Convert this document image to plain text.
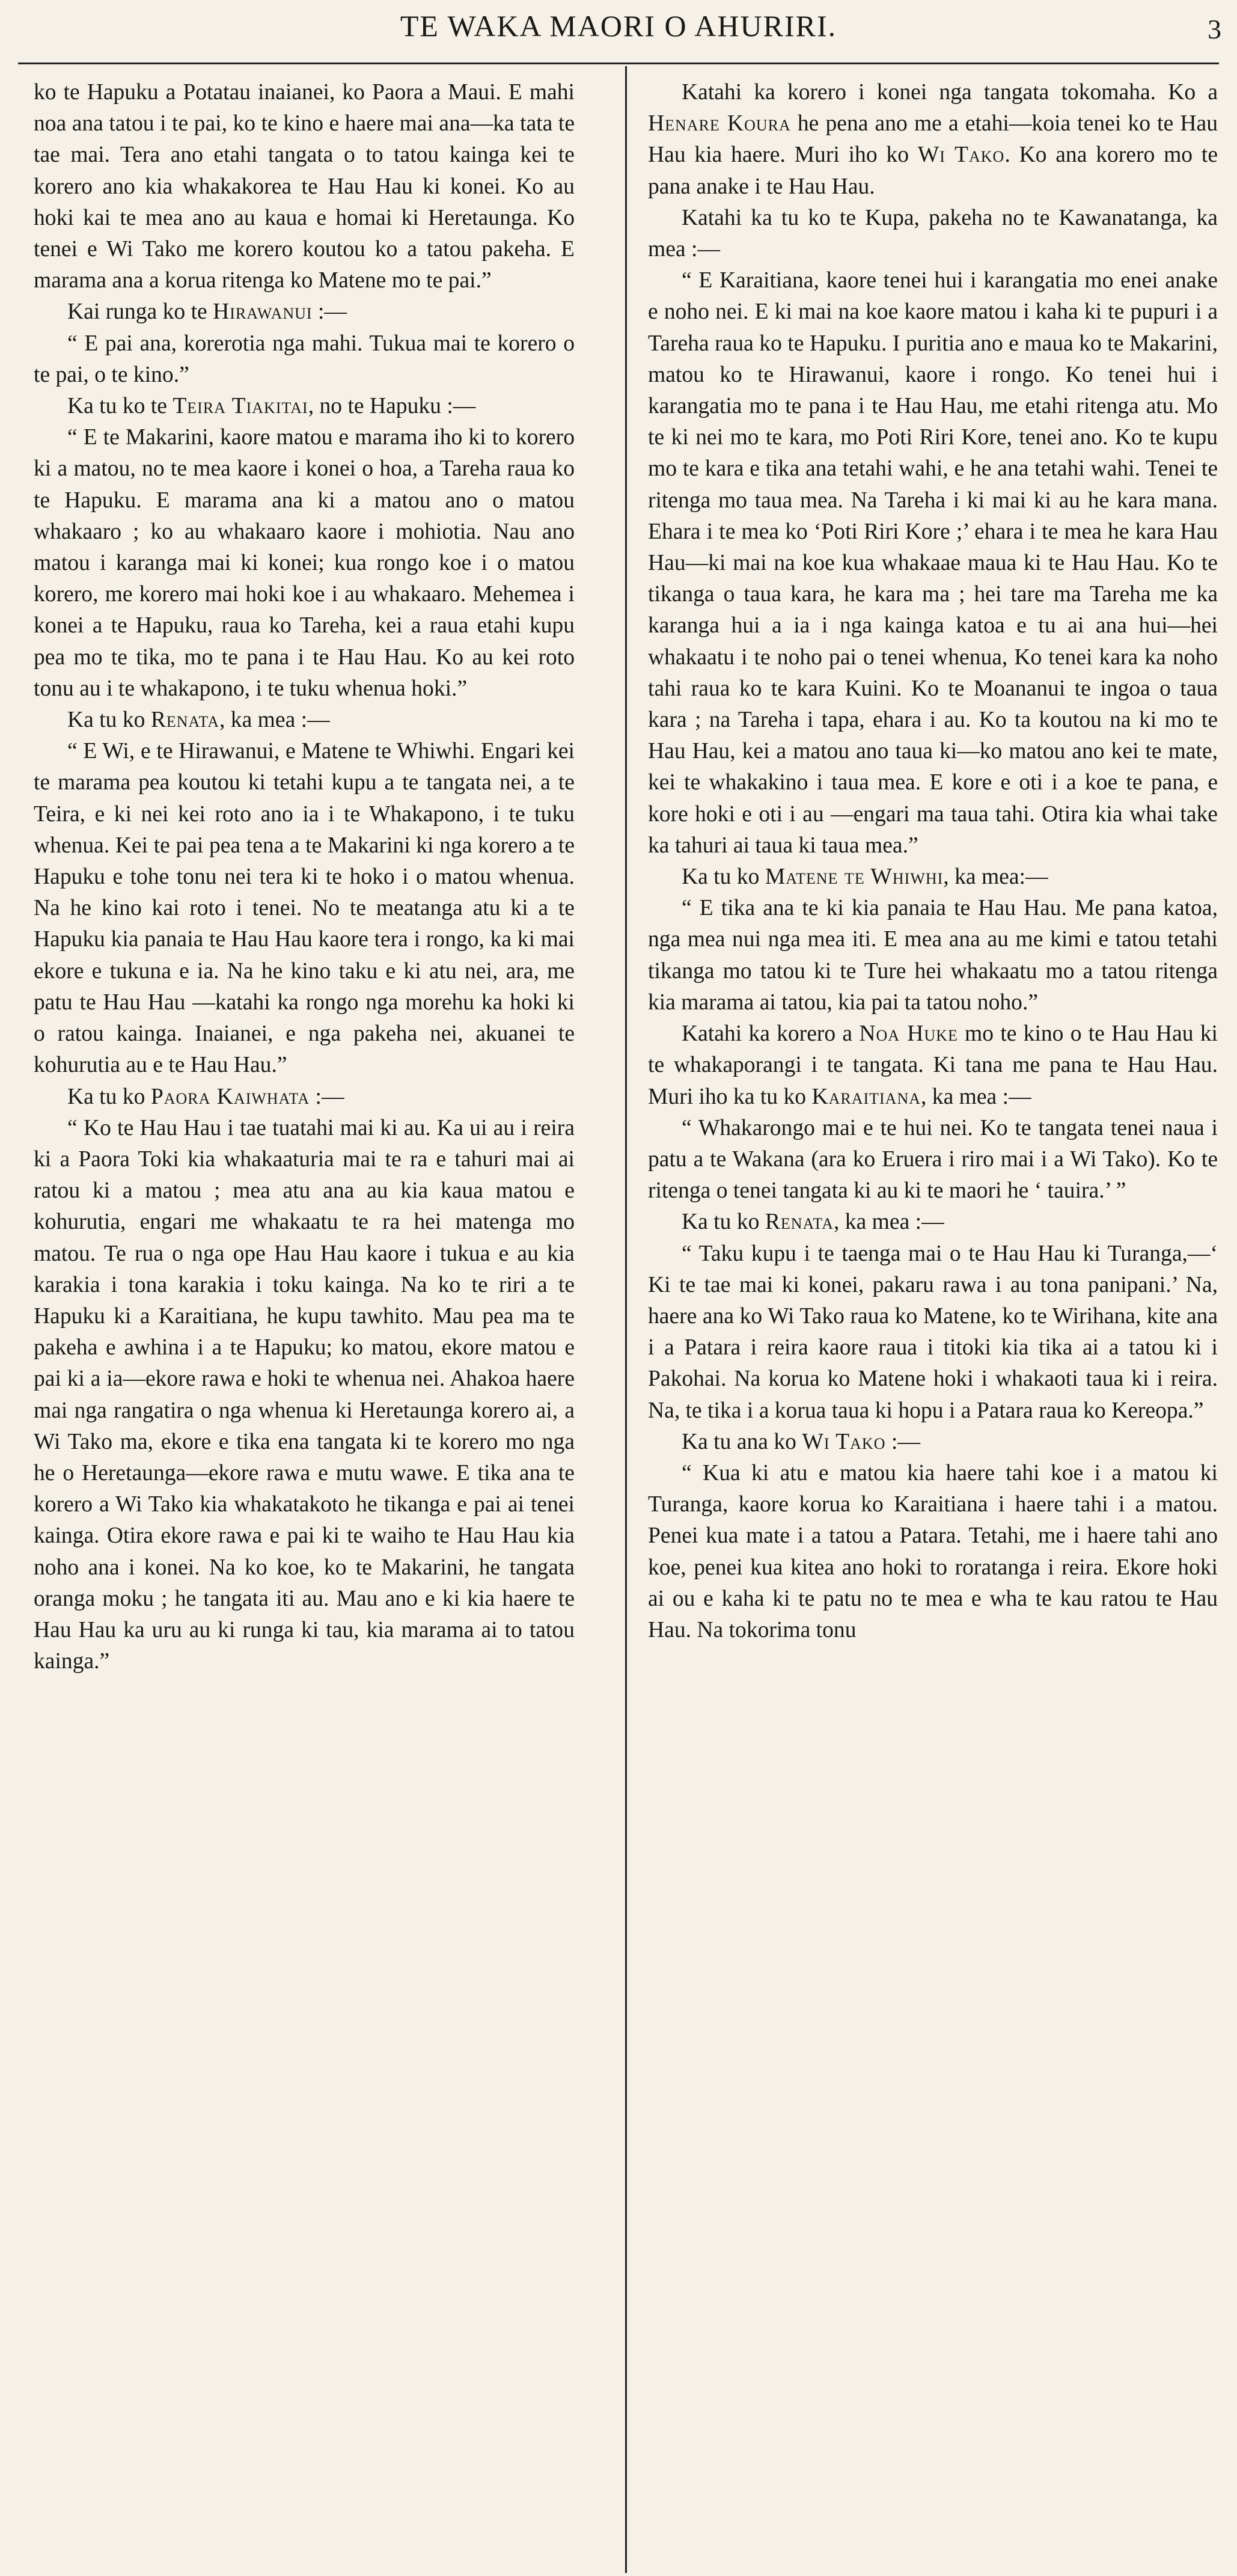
TE WAKA MAORI O AHURIRI.	3

ko te Hapuku a Potatau inaianei, ko Paora a Maui. E mahi noa ana tatou i te pai, ko te kino e haere mai ana—ka tata te tae mai. Tera ano etahi tangata o to tatou kainga kei te korero ano kia whakakorea te Hau Hau ki konei. Ko au hoki kai te mea ano au kaua e homai ki Heretaunga. Ko tenei e Wi Tako me korero koutou ko a tatou pakeha. E marama ana a korua ritenga ko Matene mo te pai.”

Kai runga ko te Hirawanui :—

“ E pai ana, korerotia nga mahi. Tukua mai te korero o te pai, o te kino.”

Ka tu ko te Teira Tiakitai, no te Hapuku :—

“ E te Makarini, kaore matou e marama iho ki to korero ki a matou, no te mea kaore i konei o hoa, a Tareha raua ko te Hapuku. E marama ana ki a matou ano o matou whakaaro ; ko au whakaaro kaore i mohiotia. Nau ano matou i karanga mai ki konei; kua rongo koe i o matou korero, me korero mai hoki koe i au whakaaro. Mehemea i konei a te Hapuku, raua ko Tareha, kei a raua etahi kupu pea mo te tika, mo te pana i te Hau Hau. Ko au kei roto tonu au i te whakapono, i te tuku whenua hoki.”

Ka tu ko Renata, ka mea :—

“ E Wi, e te Hirawanui, e Matene te Whiwhi. Engari kei te marama pea koutou ki tetahi kupu a te tangata nei, a te Teira, e ki nei kei roto ano ia i te Whakapono, i te tuku whenua. Kei te pai pea tena a te Makarini ki nga korero a te Hapuku e tohe tonu nei tera ki te hoko i o matou whenua. Na he kino kai roto i tenei. No te meatanga atu ki a te Hapuku kia panaia te Hau Hau kaore tera i rongo, ka ki mai ekore e tukuna e ia. Na he kino taku e ki atu nei, ara, me patu te Hau Hau —katahi ka rongo nga morehu ka hoki ki o ratou kainga. Inaianei, e nga pakeha nei, akuanei te kohurutia au e te Hau Hau.”

Ka tu ko Paora Kaiwhata :—

“ Ko te Hau Hau i tae tuatahi mai ki au. Ka ui au i reira ki a Paora Toki kia whakaaturia mai te ra e tahuri mai ai ratou ki a matou ; mea atu ana au kia kaua matou e kohurutia, engari me whakaatu te ra hei matenga mo matou. Te rua o nga ope Hau Hau kaore i tukua e au kia karakia i tona karakia i toku kainga. Na ko te riri a te Hapuku ki a Karaitiana, he kupu tawhito. Mau pea ma te pakeha e awhina i a te Hapuku; ko matou, ekore matou e pai ki a ia—ekore rawa e hoki te whenua nei. Ahakoa haere mai nga rangatira o nga whenua ki Heretaunga korero ai, a Wi Tako ma, ekore e tika ena tangata ki te korero mo nga he o Heretaunga—ekore rawa e mutu wawe. E tika ana te korero a Wi Tako kia whakatakoto he tikanga e pai ai tenei kainga. Otira ekore rawa e pai ki te waiho te Hau Hau kia noho ana i konei. Na ko koe, ko te Makarini, he tangata oranga moku ; he tangata iti au. Mau ano e ki kia haere te Hau Hau ka uru au ki runga ki tau, kia marama ai to tatou kainga.”

Katahi ka korero i konei nga tangata tokomaha. Ko a Henare Koura he pena ano me a etahi—koia tenei ko te Hau Hau kia haere. Muri iho ko Wi Tako. Ko ana korero mo te pana anake i te Hau Hau.

Katahi ka tu ko te Kupa, pakeha no te Kawanatanga, ka mea :—

“ E Karaitiana, kaore tenei hui i karangatia mo enei anake e noho nei. E ki mai na koe kaore matou i kaha ki te pupuri i a Tareha raua ko te Hapuku. I puritia ano e maua ko te Makarini, matou ko te Hirawanui, kaore i rongo. Ko tenei hui i karangatia mo te pana i te Hau Hau, me etahi ritenga atu. Mo te ki nei mo te kara, mo Poti Riri Kore, tenei ano. Ko te kupu mo te kara e tika ana tetahi wahi, e he ana tetahi wahi. Tenei te ritenga mo taua mea. Na Tareha i ki mai ki au he kara mana. Ehara i te mea ko ‘Poti Riri Kore ;’ ehara i te mea he kara Hau Hau—ki mai na koe kua whakaae maua ki te Hau Hau. Ko te tikanga o taua kara, he kara ma ; hei tare ma Tareha me ka karanga hui a ia i nga kainga katoa e tu ai ana hui—hei whakaatu i te noho pai o tenei whenua, Ko tenei kara ka noho tahi raua ko te kara Kuini. Ko te Moananui te ingoa o taua kara ; na Tareha i tapa, ehara i au. Ko ta koutou na ki mo te Hau Hau, kei a matou ano taua ki—ko matou ano kei te mate, kei te whakakino i taua mea. E kore e oti i a koe te pana, e kore hoki e oti i au —engari ma taua tahi. Otira kia whai take ka tahuri ai taua ki taua mea.”

Ka tu ko Matene te Whiwhi, ka mea:—

“ E tika ana te ki kia panaia te Hau Hau. Me pana katoa, nga mea nui nga mea iti. E mea ana au me kimi e tatou tetahi tikanga mo tatou ki te Ture hei whakaatu mo a tatou ritenga kia marama ai tatou, kia pai ta tatou noho.”

Katahi ka korero a Noa Huke mo te kino o te Hau Hau ki te whakaporangi i te tangata. Ki tana me pana te Hau Hau. Muri iho ka tu ko Karaitiana, ka mea :—

“ Whakarongo mai e te hui nei. Ko te tangata tenei naua i patu a te Wakana (ara ko Eruera i riro mai i a Wi Tako). Ko te ritenga o tenei tangata ki au ki te maori he ‘ tauira.’ ”

Ka tu ko Renata, ka mea :—

“ Taku kupu i te taenga mai o te Hau Hau ki Turanga,—‘ Ki te tae mai ki konei, pakaru rawa i au tona panipani.’ Na, haere ana ko Wi Tako raua ko Matene, ko te Wirihana, kite ana i a Patara i reira kaore raua i titoki kia tika ai a tatou ki i Pakohai. Na korua ko Matene hoki i whakaoti taua ki i reira. Na, te tika i a korua taua ki hopu i a Patara raua ko Kereopa.”

Ka tu ana ko Wi Tako :—

“ Kua ki atu e matou kia haere tahi koe i a matou ki Turanga, kaore korua ko Karaitiana i haere tahi i a matou. Penei kua mate i a tatou a Patara. Tetahi, me i haere tahi ano koe, penei kua kitea ano hoki to roratanga i reira. Ekore hoki ai ou e kaha ki te patu no te mea e wha te kau ratou te Hau Hau. Na tokorima tonu
